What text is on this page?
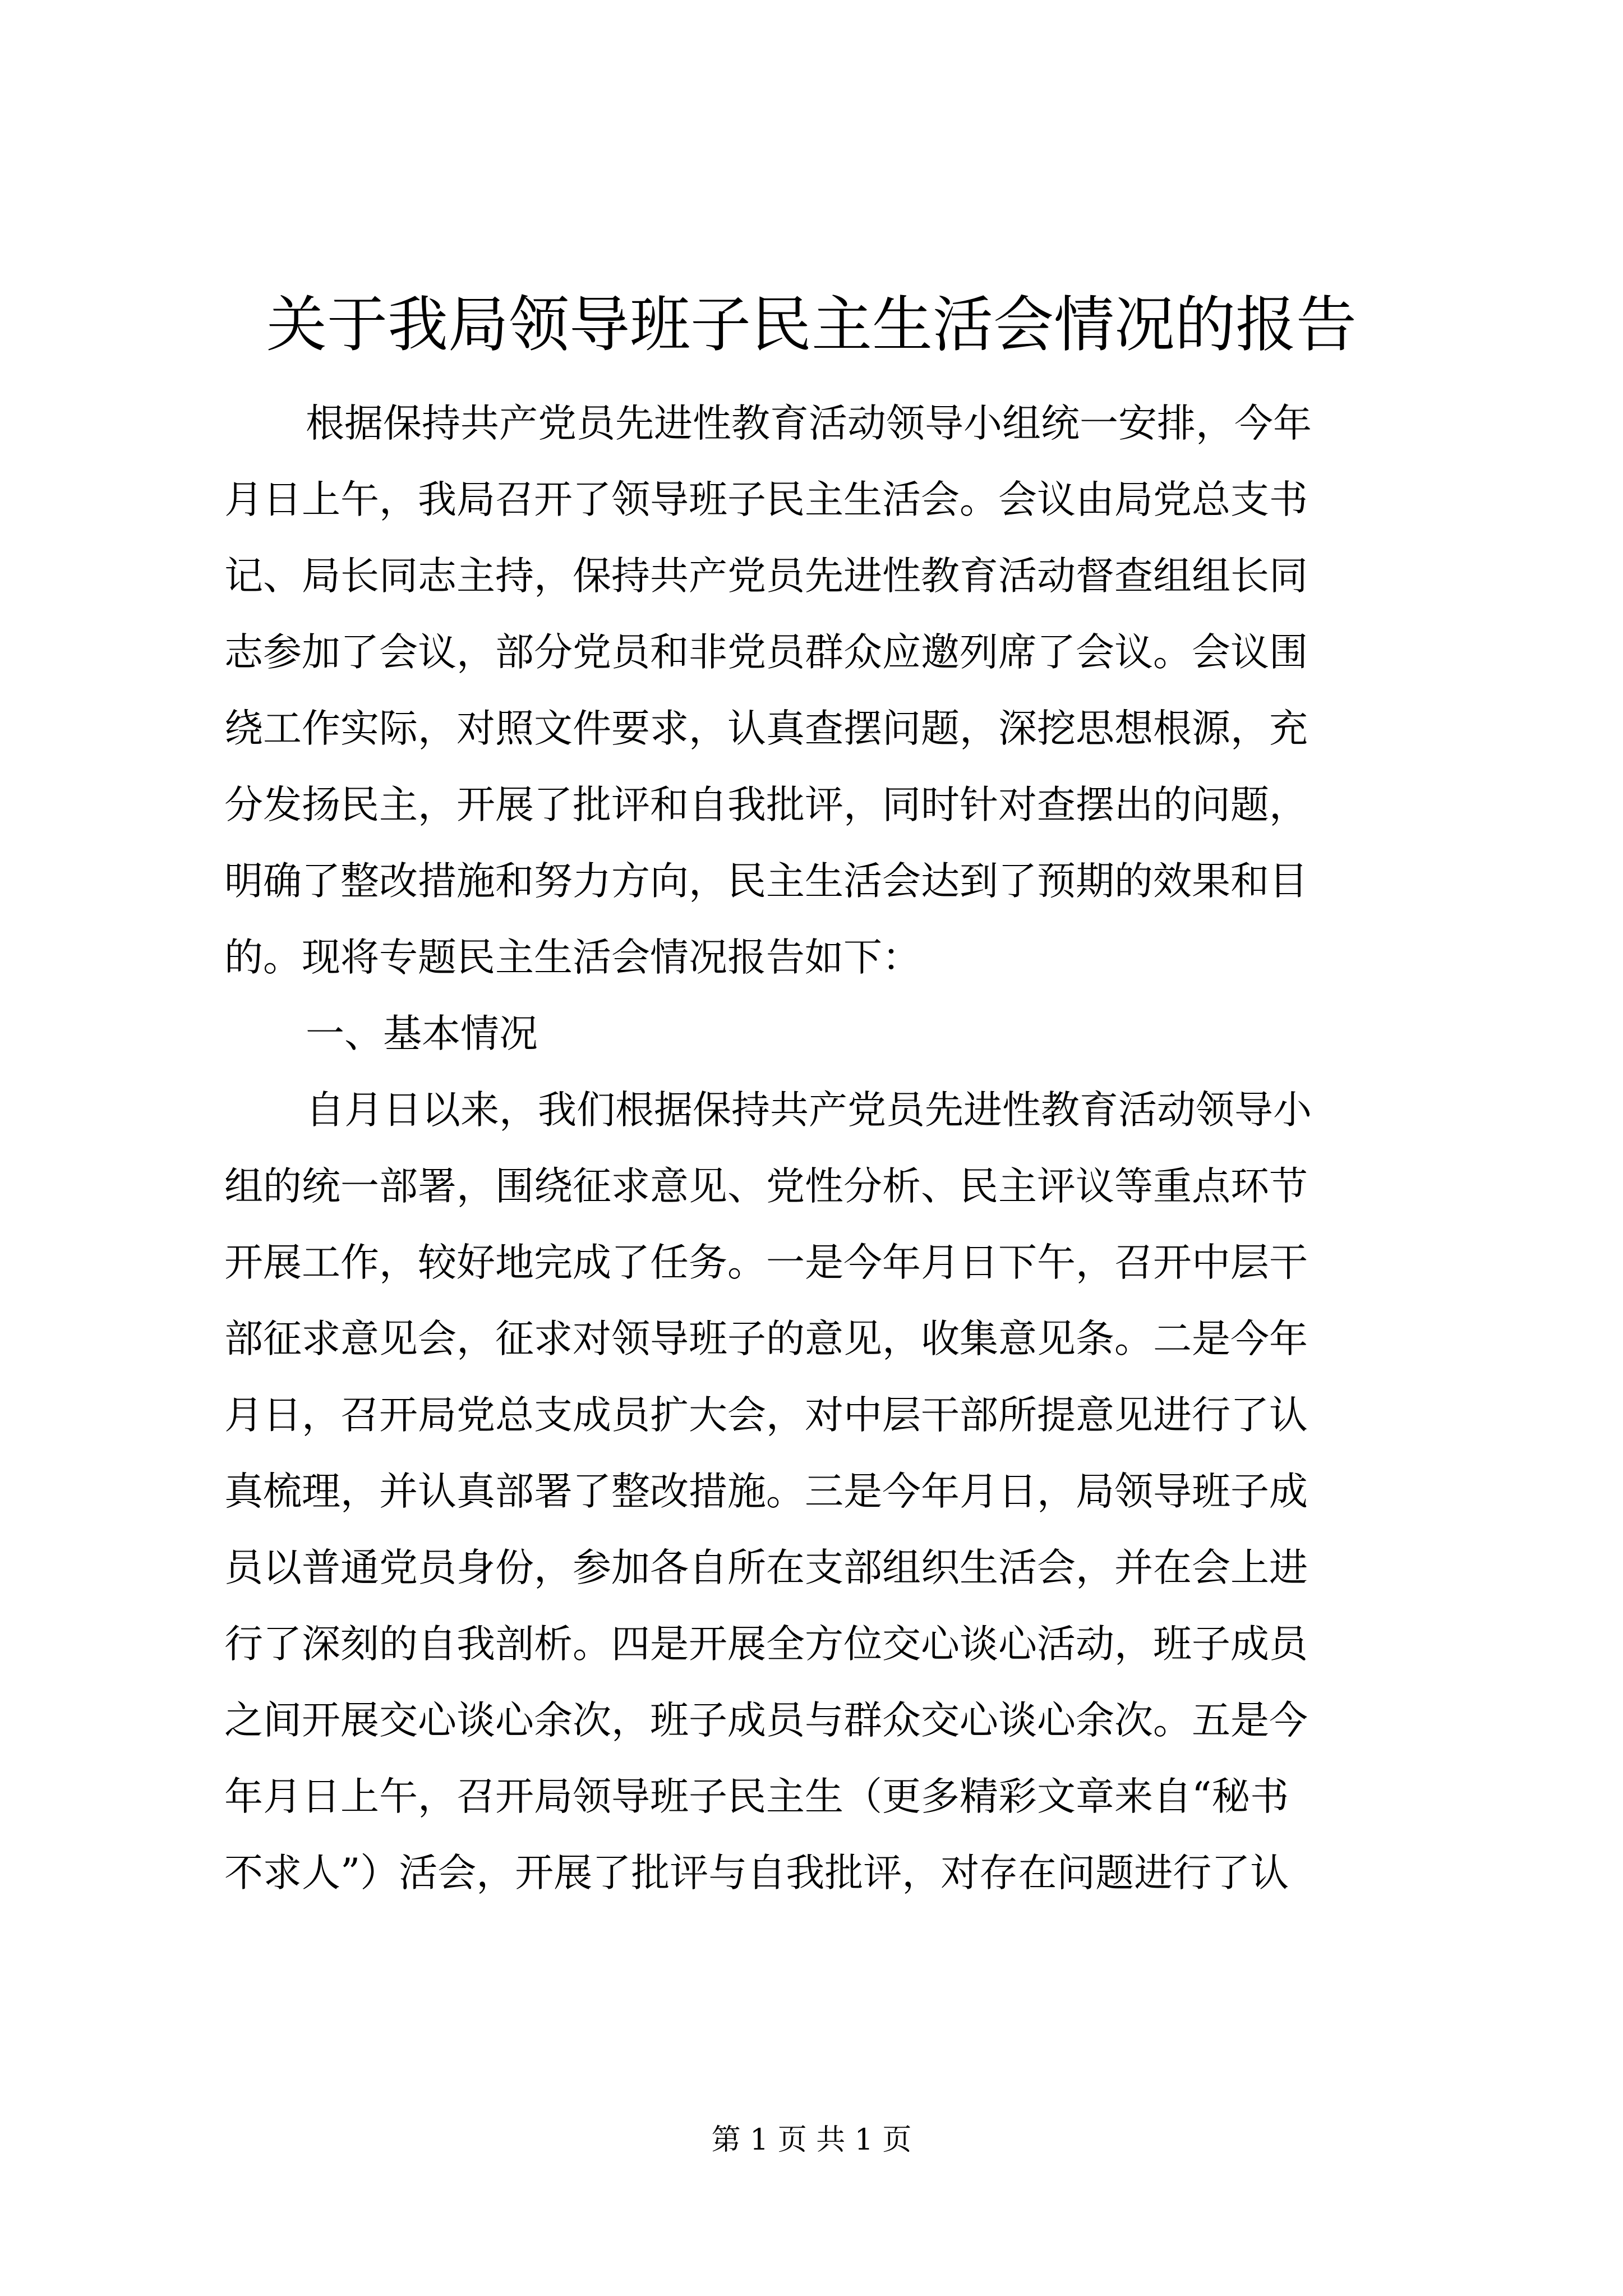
关于我局领导班子民主生活会情况的报告
根据保持共产党员先进性教育活动领导小组统一安排，今年
月日上午，我局召开了领导班子民主生活会。会议由局党总支书
记、局长同志主持，保持共产党员先进性教育活动督查组组长同
志参加了会议，部分党员和非党员群众应邀列席了会议。会议围
绕工作实际，对照文件要求，认真查摆问题，深挖思想根源，充
分发扬民主，开展了批评和自我批评，同时针对查摆出的问题，
明确了整改措施和努力方向，民主生活会达到了预期的效果和目
的。现将专题民主生活会情况报告如下：
一、基本情况
自月日以来，我们根据保持共产党员先进性教育活动领导小
组的统一部署，围绕征求意见、党性分析、民主评议等重点环节
开展工作，较好地完成了任务。一是今年月日下午，召开中层干
部征求意见会，征求对领导班子的意见，收集意见条。二是今年
月日，召开局党总支成员扩大会，对中层干部所提意见进行了认
真梳理，并认真部署了整改措施。三是今年月日，局领导班子成
员以普通党员身份，参加各自所在支部组织生活会，并在会上进
行了深刻的自我剖析。四是开展全方位交心谈心活动，班子成员
之间开展交心谈心余次，班子成员与群众交心谈心余次。五是今
年月日上午，召开局领导班子民主生（更多精彩文章来自“秘书
不求人”）活会，开展了批评与自我批评，对存在问题进行了认
第 1 页 共 1 页
